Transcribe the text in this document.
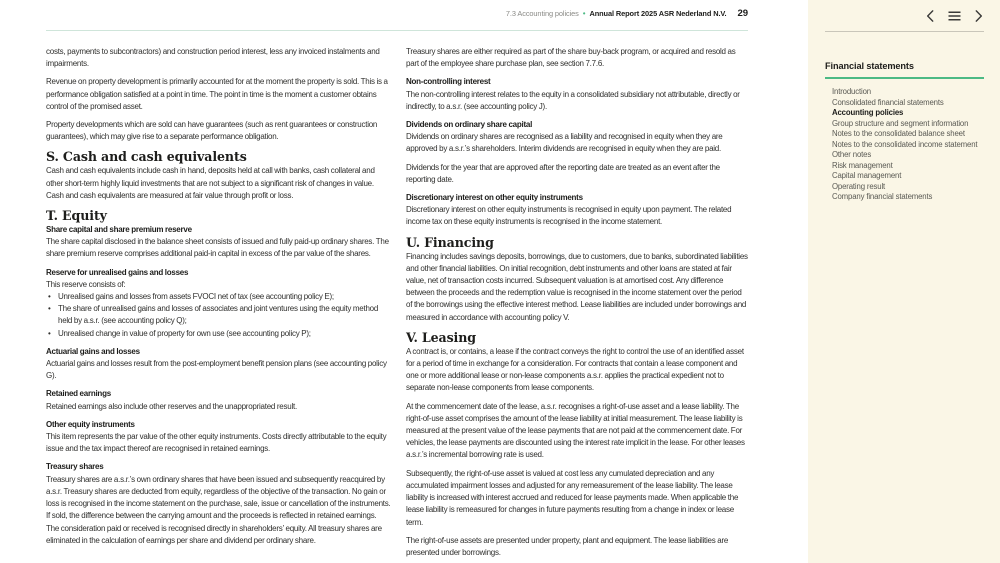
7.3 Accounting policies • Annual Report 2025 ASR Nederland N.V. 29

costs, payments to subcontractors) and construction period interest, less any invoiced instalments and impairments.

Revenue on property development is primarily accounted for at the moment the property is sold. This is a performance obligation satisfied at a point in time. The point in time is the moment a customer obtains control of the promised asset.

Property developments which are sold can have guarantees (such as rent guarantees or construction guarantees), which may give rise to a separate performance obligation.

S. Cash and cash equivalents

Cash and cash equivalents include cash in hand, deposits held at call with banks, cash collateral and other short-term highly liquid investments that are not subject to a significant risk of changes in value. Cash and cash equivalents are measured at fair value through profit or loss.

T. Equity
Share capital and share premium reserve

The share capital disclosed in the balance sheet consists of issued and fully paid-up ordinary shares. The share premium reserve comprises additional paid-in capital in excess of the par value of the shares.

Reserve for unrealised gains and losses

This reserve consists of:

• Unrealised gains and losses from assets FVOCI net of tax (see accounting policy E);
• The share of unrealised gains and losses of associates and joint ventures using the equity method held by a.s.r. (see accounting policy Q);
• Unrealised change in value of property for own use (see accounting policy P);
Actuarial gains and losses

Actuarial gains and losses result from the post-employment benefit pension plans (see accounting policy G).

Retained earnings

Retained earnings also include other reserves and the unappropriated result.

Other equity instruments

This item represents the par value of the other equity instruments. Costs directly attributable to the equity issue and the tax impact thereof are recognised in retained earnings.

Treasury shares

Treasury shares are a.s.r.’s own ordinary shares that have been issued and subsequently reacquired by a.s.r. Treasury shares are deducted from equity, regardless of the objective of the transaction. No gain or loss is recognised in the income statement on the purchase, sale, issue or cancellation of the instruments. If sold, the difference between the carrying amount and the proceeds is reflected in retained earnings. The consideration paid or received is recognised directly in shareholders’ equity. All treasury shares are eliminated in the calculation of earnings per share and dividend per ordinary share.

Treasury shares are either required as part of the share buy-back program, or acquired and resold as part of the employee share purchase plan, see section 7.7.6.

Non-controlling interest

The non-controlling interest relates to the equity in a consolidated subsidiary not attributable, directly or indirectly, to a.s.r. (see accounting policy J).

Dividends on ordinary share capital

Dividends on ordinary shares are recognised as a liability and recognised in equity when they are approved by a.s.r.’s shareholders. Interim dividends are recognised in equity when they are paid.

Dividends for the year that are approved after the reporting date are treated as an event after the reporting date.

Discretionary interest on other equity instruments

Discretionary interest on other equity instruments is recognised in equity upon payment. The related income tax on these equity instruments is recognised in the income statement.

U. Financing

Financing includes savings deposits, borrowings, due to customers, due to banks, subordinated liabilities and other financial liabilities. On initial recognition, debt instruments and other loans are stated at fair value, net of transaction costs incurred. Subsequent valuation is at amortised cost. Any difference between the proceeds and the redemption value is recognised in the income statement over the period of the borrowings using the effective interest method. Lease liabilities are included under borrowings and measured in accordance with accounting policy V.

V. Leasing

A contract is, or contains, a lease if the contract conveys the right to control the use of an identified asset for a period of time in exchange for a consideration. For contracts that contain a lease component and one or more additional lease or non-lease components a.s.r. applies the practical expedient not to separate non-lease components from lease components.

At the commencement date of the lease, a.s.r. recognises a right-of-use asset and a lease liability. The right-of-use asset comprises the amount of the lease liability at initial measurement. The lease liability is measured at the present value of the lease payments that are not paid at the commencement date. For vehicles, the lease payments are discounted using the interest rate implicit in the lease. For other leases a.s.r.’s incremental borrowing rate is used.

Subsequently, the right-of-use asset is valued at cost less any cumulated depreciation and any accumulated impairment losses and adjusted for any remeasurement of the lease liability. The lease liability is increased with interest accrued and reduced for lease payments made. When applicable the lease liability is remeasured for changes in future payments resulting from a change in index or lease term.

The right-of-use assets are presented under property, plant and equipment. The lease liabilities are presented under borrowings.

Financial statements
Introduction
Consolidated financial statements
Accounting policies
Group structure and segment information
Notes to the consolidated balance sheet
Notes to the consolidated income statement
Other notes
Risk management
Capital management
Operating result
Company financial statements
